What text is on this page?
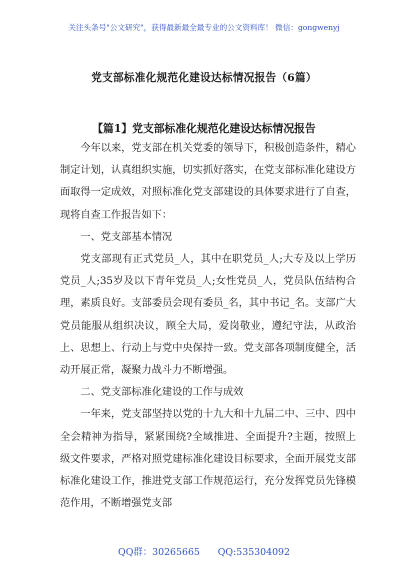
关注头条号"公文研究"，获得最新最全最专业的公文资料库！ 微信：gongwenyj
党支部标准化规范化建设达标情况报告（6篇）
【篇1】党支部标准化规范化建设达标情况报告

今年以来，党支部在机关党委的领导下，积极创造条件，精心制定计划，认真组织实施，切实抓好落实，在党支部标准化建设方面取得一定成效，对照标准化党支部建设的具体要求进行了自查，现将自查工作报告如下：

一、党支部基本情况

党支部现有正式党员_人，其中在职党员_人;大专及以上学历党员_人;35岁及以下青年党员_人;女性党员_人，党员队伍结构合理，素质良好。支部委员会现有委员_名，其中书记_名。支部广大党员能服从组织决议，顾全大局，爱岗敬业，遵纪守法，从政治上、思想上、行动上与党中央保持一致。党支部各项制度健全，活动开展正常，凝聚力战斗力不断增强。

二、党支部标准化建设的工作与成效

一年来，党支部坚持以党的十九大和十九届二中、三中、四中全会精神为指导，紧紧围绕?全域推进、全面提升?主题，按照上级文件要求，严格对照党建标准化建设目标要求，全面开展党支部标准化建设工作，推进党支部工作规范运行，充分发挥党员先锋模范作用，不断增强党支部

QQ群：30265665      QQ:535304092
